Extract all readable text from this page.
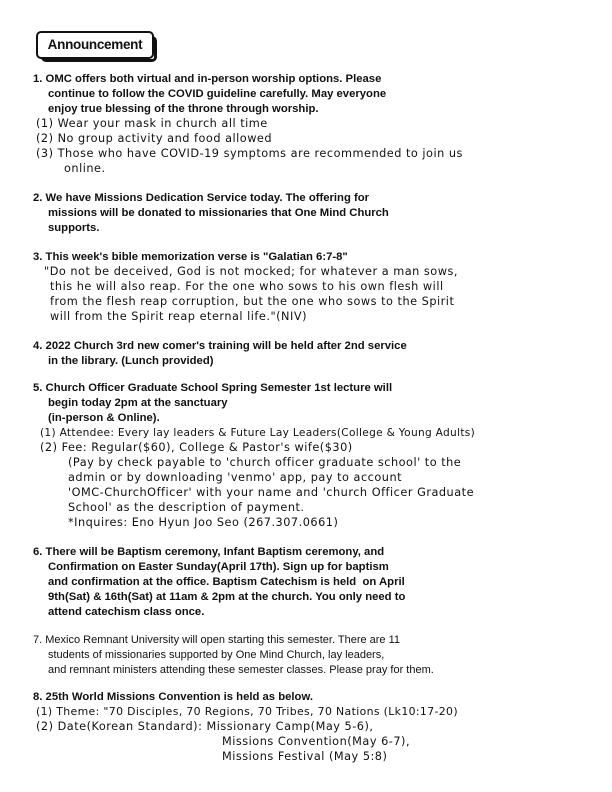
Announcement
1. OMC offers both virtual and in-person worship options. Please
continue to follow the COVID guideline carefully. May everyone
enjoy true blessing of the throne through worship.
(1) Wear your mask in church all time
(2) No group activity and food allowed
(3) Those who have COVID-19 symptoms are recommended to join us
online.
2. We have Missions Dedication Service today. The offering for
missions will be donated to missionaries that One Mind Church
supports.
3. This week's bible memorization verse is "Galatian 6:7-8"
"Do not be deceived, God is not mocked; for whatever a man sows,
this he will also reap. For the one who sows to his own flesh will
from the flesh reap corruption, but the one who sows to the Spirit
will from the Spirit reap eternal life."(NIV)
4. 2022 Church 3rd new comer's training will be held after 2nd service
in the library. (Lunch provided)
5. Church Officer Graduate School Spring Semester 1st lecture will
begin today 2pm at the sanctuary
(in-person & Online).
(1) Attendee: Every lay leaders & Future Lay Leaders(College & Young Adults)
(2) Fee: Regular($60), College & Pastor's wife($30)
(Pay by check payable to 'church officer graduate school' to the
admin or by downloading 'venmo' app, pay to account
'OMC-ChurchOfficer' with your name and 'church Officer Graduate
School' as the description of payment.
*Inquires: Eno Hyun Joo Seo (267.307.0661)
6. There will be Baptism ceremony, Infant Baptism ceremony, and
Confirmation on Easter Sunday(April 17th). Sign up for baptism
and confirmation at the office. Baptism Catechism is held  on April
9th(Sat) & 16th(Sat) at 11am & 2pm at the church. You only need to
attend catechism class once.
7. Mexico Remnant University will open starting this semester. There are 11
students of missionaries supported by One Mind Church, lay leaders,
and remnant ministers attending these semester classes. Please pray for them.
8. 25th World Missions Convention is held as below.
(1) Theme: "70 Disciples, 70 Regions, 70 Tribes, 70 Nations (Lk10:17-20)
(2) Date(Korean Standard): Missionary Camp(May 5-6),
Missions Convention(May 6-7),
Missions Festival (May 5:8)
